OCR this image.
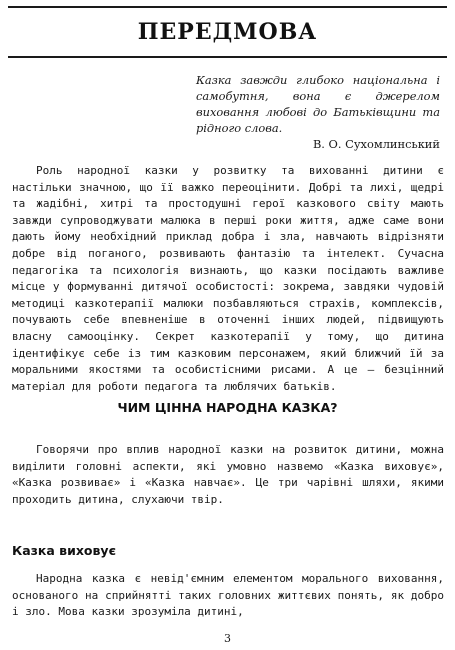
ПЕРЕДМОВА
Казка завжди глибоко національна і самобутня, вона є джерелом виховання любові до Батьківщини та рідного слова.
В. О. Сухомлинський

Роль народної казки у розвитку та вихованні дитини є настільки значною, що її важко переоцінити. Добрі та лихі, щедрі та жадібні, хитрі та простодушні герої казкового світу мають завжди супроводжувати малюка в перші роки життя, адже саме вони дають йому необхідний приклад добра і зла, навчають відрізняти добре від поганого, розвивають фантазію та інтелект. Сучасна педагогіка та психологія визнають, що казки посідають важливе місце у формуванні дитячої особистості: зокрема, завдяки чудовій методиці казкотерапії малюки позбавляються страхів, комплексів, почувають себе впевненіше в оточенні інших людей, підвищують власну самооцінку. Секрет казкотерапії у тому, що дитина ідентифікує себе із тим казковим персонажем, який ближчий їй за моральними якостями та особистісними рисами. А це — безцінний матеріал для роботи педагога та люблячих батьків.

ЧИМ ЦІННА НАРОДНА КАЗКА?

Говорячи про вплив народної казки на розвиток дитини, можна виділити головні аспекти, які умовно назвемо «Казка виховує», «Казка розвиває» і «Казка навчає». Це три чарівні шляхи, якими проходить дитина, слухаючи твір.

Казка виховує

Народна казка є невід'ємним елементом морального виховання, основаного на сприйнятті таких головних життєвих понять, як добро і зло. Мова казки зрозуміла дитині,

3
